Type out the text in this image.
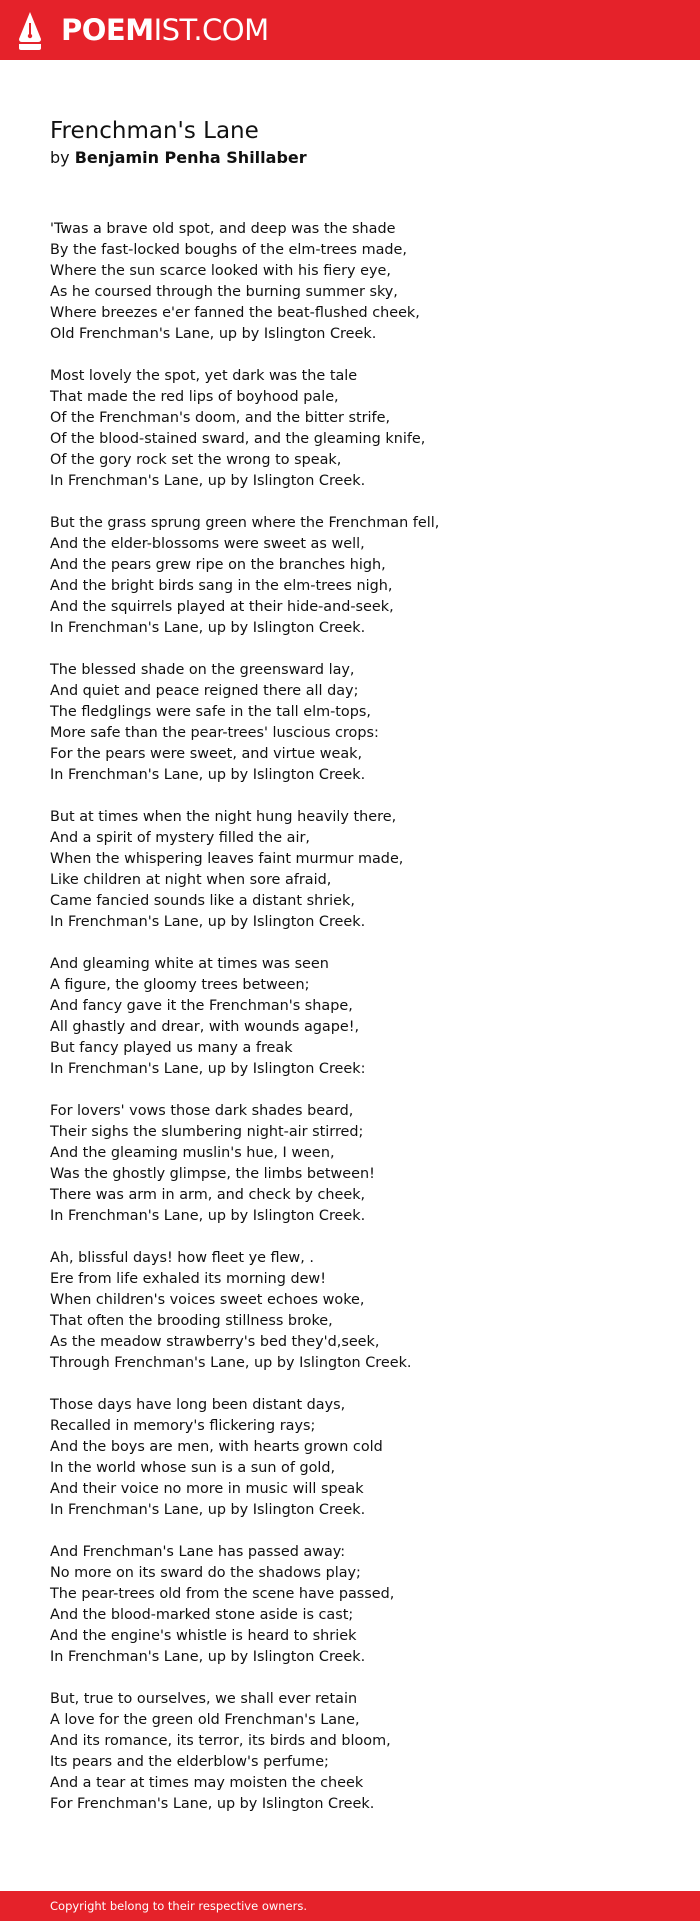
POEMIST.COM
Frenchman's Lane
by Benjamin Penha Shillaber

'Twas a brave old spot, and deep was the shade
By the fast-locked boughs of the elm-trees made,
Where the sun scarce looked with his fiery eye,
As he coursed through the burning summer sky,
Where breezes e'er fanned the beat-flushed cheek,
Old Frenchman's Lane, up by Islington Creek.

Most lovely the spot, yet dark was the tale
That made the red lips of boyhood pale,
Of the Frenchman's doom, and the bitter strife,
Of the blood-stained sward, and the gleaming knife,
Of the gory rock set the wrong to speak,
In Frenchman's Lane, up by Islington Creek.

But the grass sprung green where the Frenchman fell,
And the elder-blossoms were sweet as well,
And the pears grew ripe on the branches high,
And the bright birds sang in the elm-trees nigh,
And the squirrels played at their hide-and-seek,
In Frenchman's Lane, up by Islington Creek.

The blessed shade on the greensward lay,
And quiet and peace reigned there all day;
The fledglings were safe in the tall elm-tops,
More safe than the pear-trees' luscious crops:
For the pears were sweet, and virtue weak,
In Frenchman's Lane, up by Islington Creek.

But at times when the night hung heavily there,
And a spirit of mystery filled the air,
When the whispering leaves faint murmur made,
Like children at night when sore afraid,
Came fancied sounds like a distant shriek,
In Frenchman's Lane, up by Islington Creek.

And gleaming white at times was seen
A figure, the gloomy trees between;
And fancy gave it the Frenchman's shape,
All ghastly and drear, with wounds agape!,
But fancy played us many a freak
In Frenchman's Lane, up by Islington Creek:

For lovers' vows those dark shades beard,
Their sighs the slumbering night-air stirred;
And the gleaming muslin's hue, I ween,
Was the ghostly glimpse, the limbs between!
There was arm in arm, and check by cheek,
In Frenchman's Lane, up by Islington Creek.

Ah, blissful days! how fleet ye flew, .
Ere from life exhaled its morning dew!
When children's voices sweet echoes woke,
That often the brooding stillness broke,
As the meadow strawberry's bed they'd,seek,
Through Frenchman's Lane, up by Islington Creek.

Those days have long been distant days,
Recalled in memory's flickering rays;
And the boys are men, with hearts grown cold
In the world whose sun is a sun of gold,
And their voice no more in music will speak
In Frenchman's Lane, up by Islington Creek.

And Frenchman's Lane has passed away:
No more on its sward do the shadows play;
The pear-trees old from the scene have passed,
And the blood-marked stone aside is cast;
And the engine's whistle is heard to shriek
In Frenchman's Lane, up by Islington Creek.

But, true to ourselves, we shall ever retain
A love for the green old Frenchman's Lane,
And its romance, its terror, its birds and bloom,
Its pears and the elderblow's perfume;
And a tear at times may moisten the cheek
For Frenchman's Lane, up by Islington Creek.

Copyright belong to their respective owners.
